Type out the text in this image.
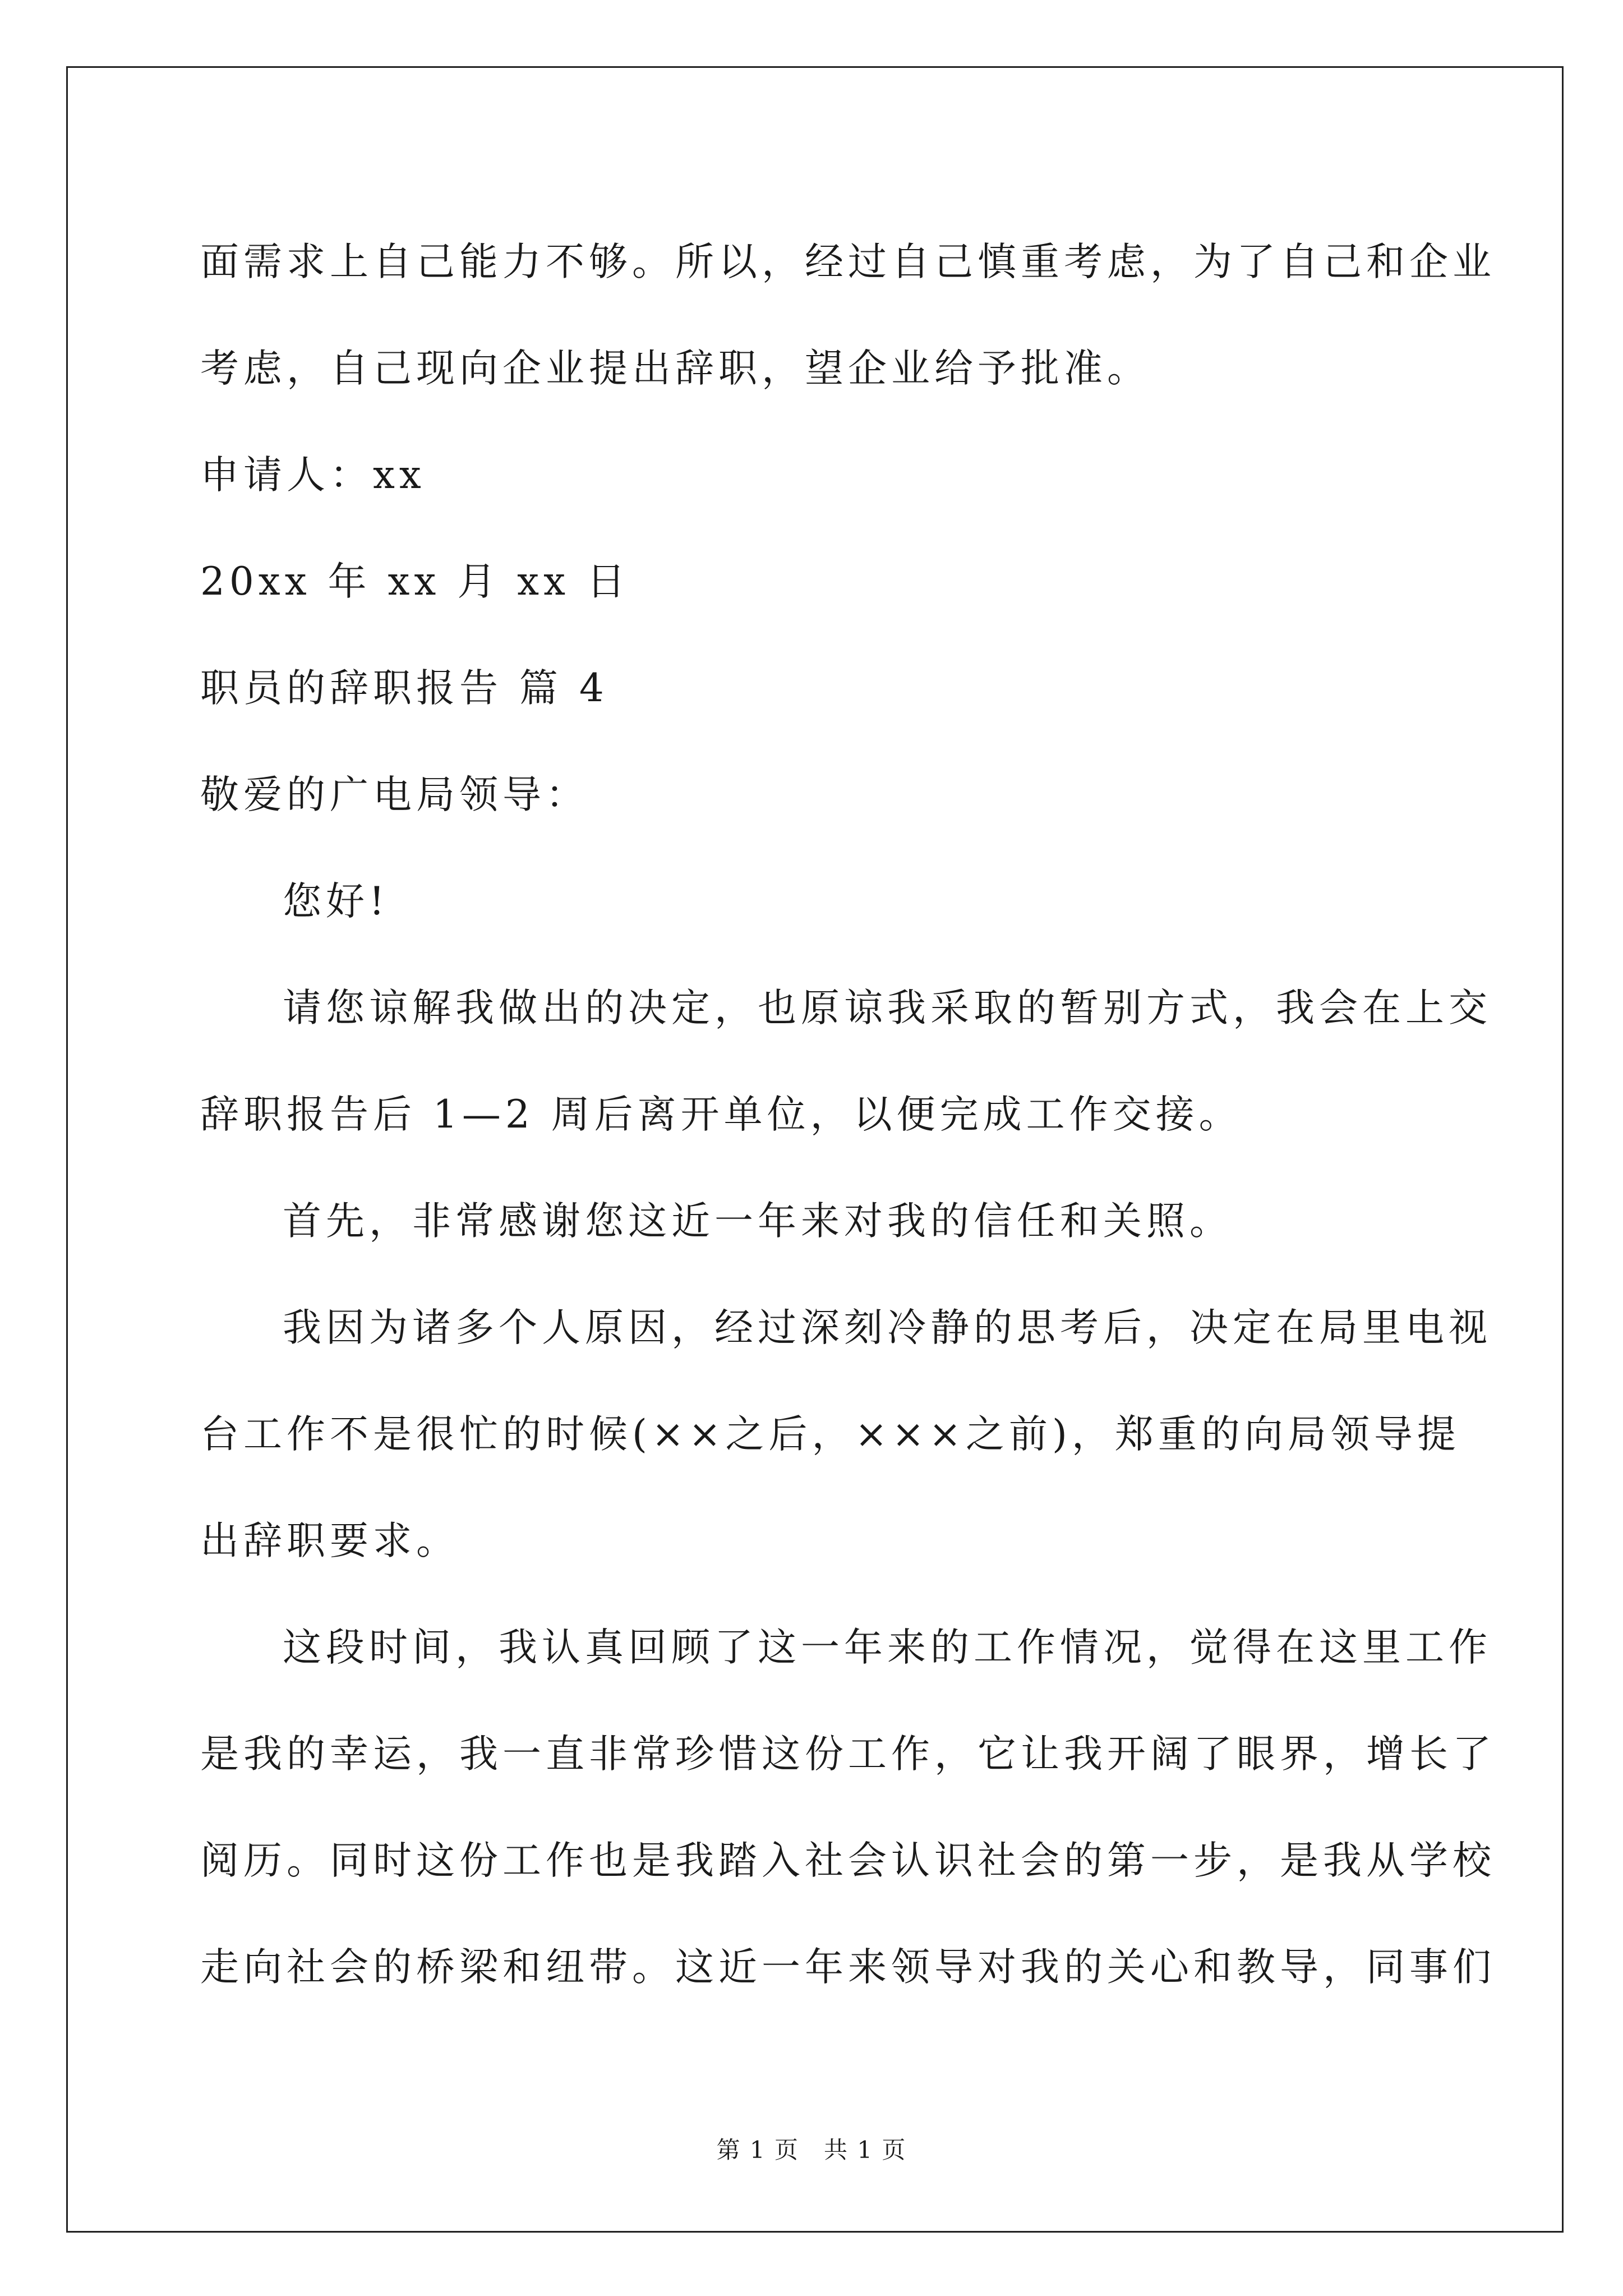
面需求上自己能力不够。所以，经过自己慎重考虑，为了自己和企业
考虑，自己现向企业提出辞职，望企业给予批准。
申请人：xx
20xx 年 xx 月 xx 日
职员的辞职报告 篇 4
敬爱的广电局领导：
您好!
请您谅解我做出的决定，也原谅我采取的暂别方式，我会在上交
辞职报告后 1—2 周后离开单位，以便完成工作交接。
首先，非常感谢您这近一年来对我的信任和关照。
我因为诸多个人原因，经过深刻冷静的思考后，决定在局里电视
台工作不是很忙的时候(××之后，×××之前)，郑重的向局领导提
出辞职要求。
这段时间，我认真回顾了这一年来的工作情况，觉得在这里工作
是我的幸运，我一直非常珍惜这份工作，它让我开阔了眼界，增长了
阅历。同时这份工作也是我踏入社会认识社会的第一步，是我从学校
走向社会的桥梁和纽带。这近一年来领导对我的关心和教导，同事们
第 1 页　共 1 页
